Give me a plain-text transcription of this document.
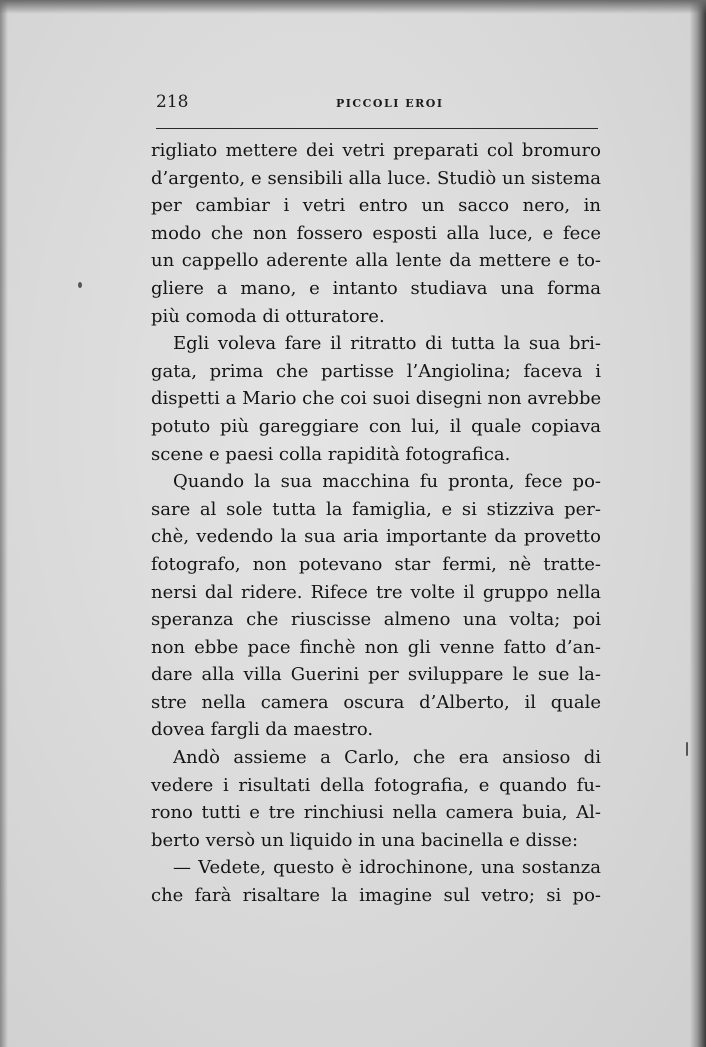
218	PICCOLI EROI
rigliato mettere dei vetri preparati col bromuro
d’argento, e sensibili alla luce. Studiò un sistema
per cambiar i vetri entro un sacco nero, in
modo che non fossero esposti alla luce, e fece
un cappello aderente alla lente da mettere e to-
gliere a mano, e intanto studiava una forma
più comoda di otturatore.
Egli voleva fare il ritratto di tutta la sua bri-
gata, prima che partisse l’Angiolina; faceva i
dispetti a Mario che coi suoi disegni non avrebbe
potuto più gareggiare con lui, il quale copiava
scene e paesi colla rapidità fotografica.
Quando la sua macchina fu pronta, fece po-
sare al sole tutta la famiglia, e si stizziva per-
chè, vedendo la sua aria importante da provetto
fotografo, non potevano star fermi, nè tratte-
nersi dal ridere. Rifece tre volte il gruppo nella
speranza che riuscisse almeno una volta; poi
non ebbe pace finchè non gli venne fatto d’an-
dare alla villa Guerini per sviluppare le sue la-
stre nella camera oscura d’Alberto, il quale
dovea fargli da maestro.
Andò assieme a Carlo, che era ansioso di
vedere i risultati della fotografia, e quando fu-
rono tutti e tre rinchiusi nella camera buia, Al-
berto versò un liquido in una bacinella e disse:
— Vedete, questo è idrochinone, una sostanza
che farà risaltare la imagine sul vetro; si po-
